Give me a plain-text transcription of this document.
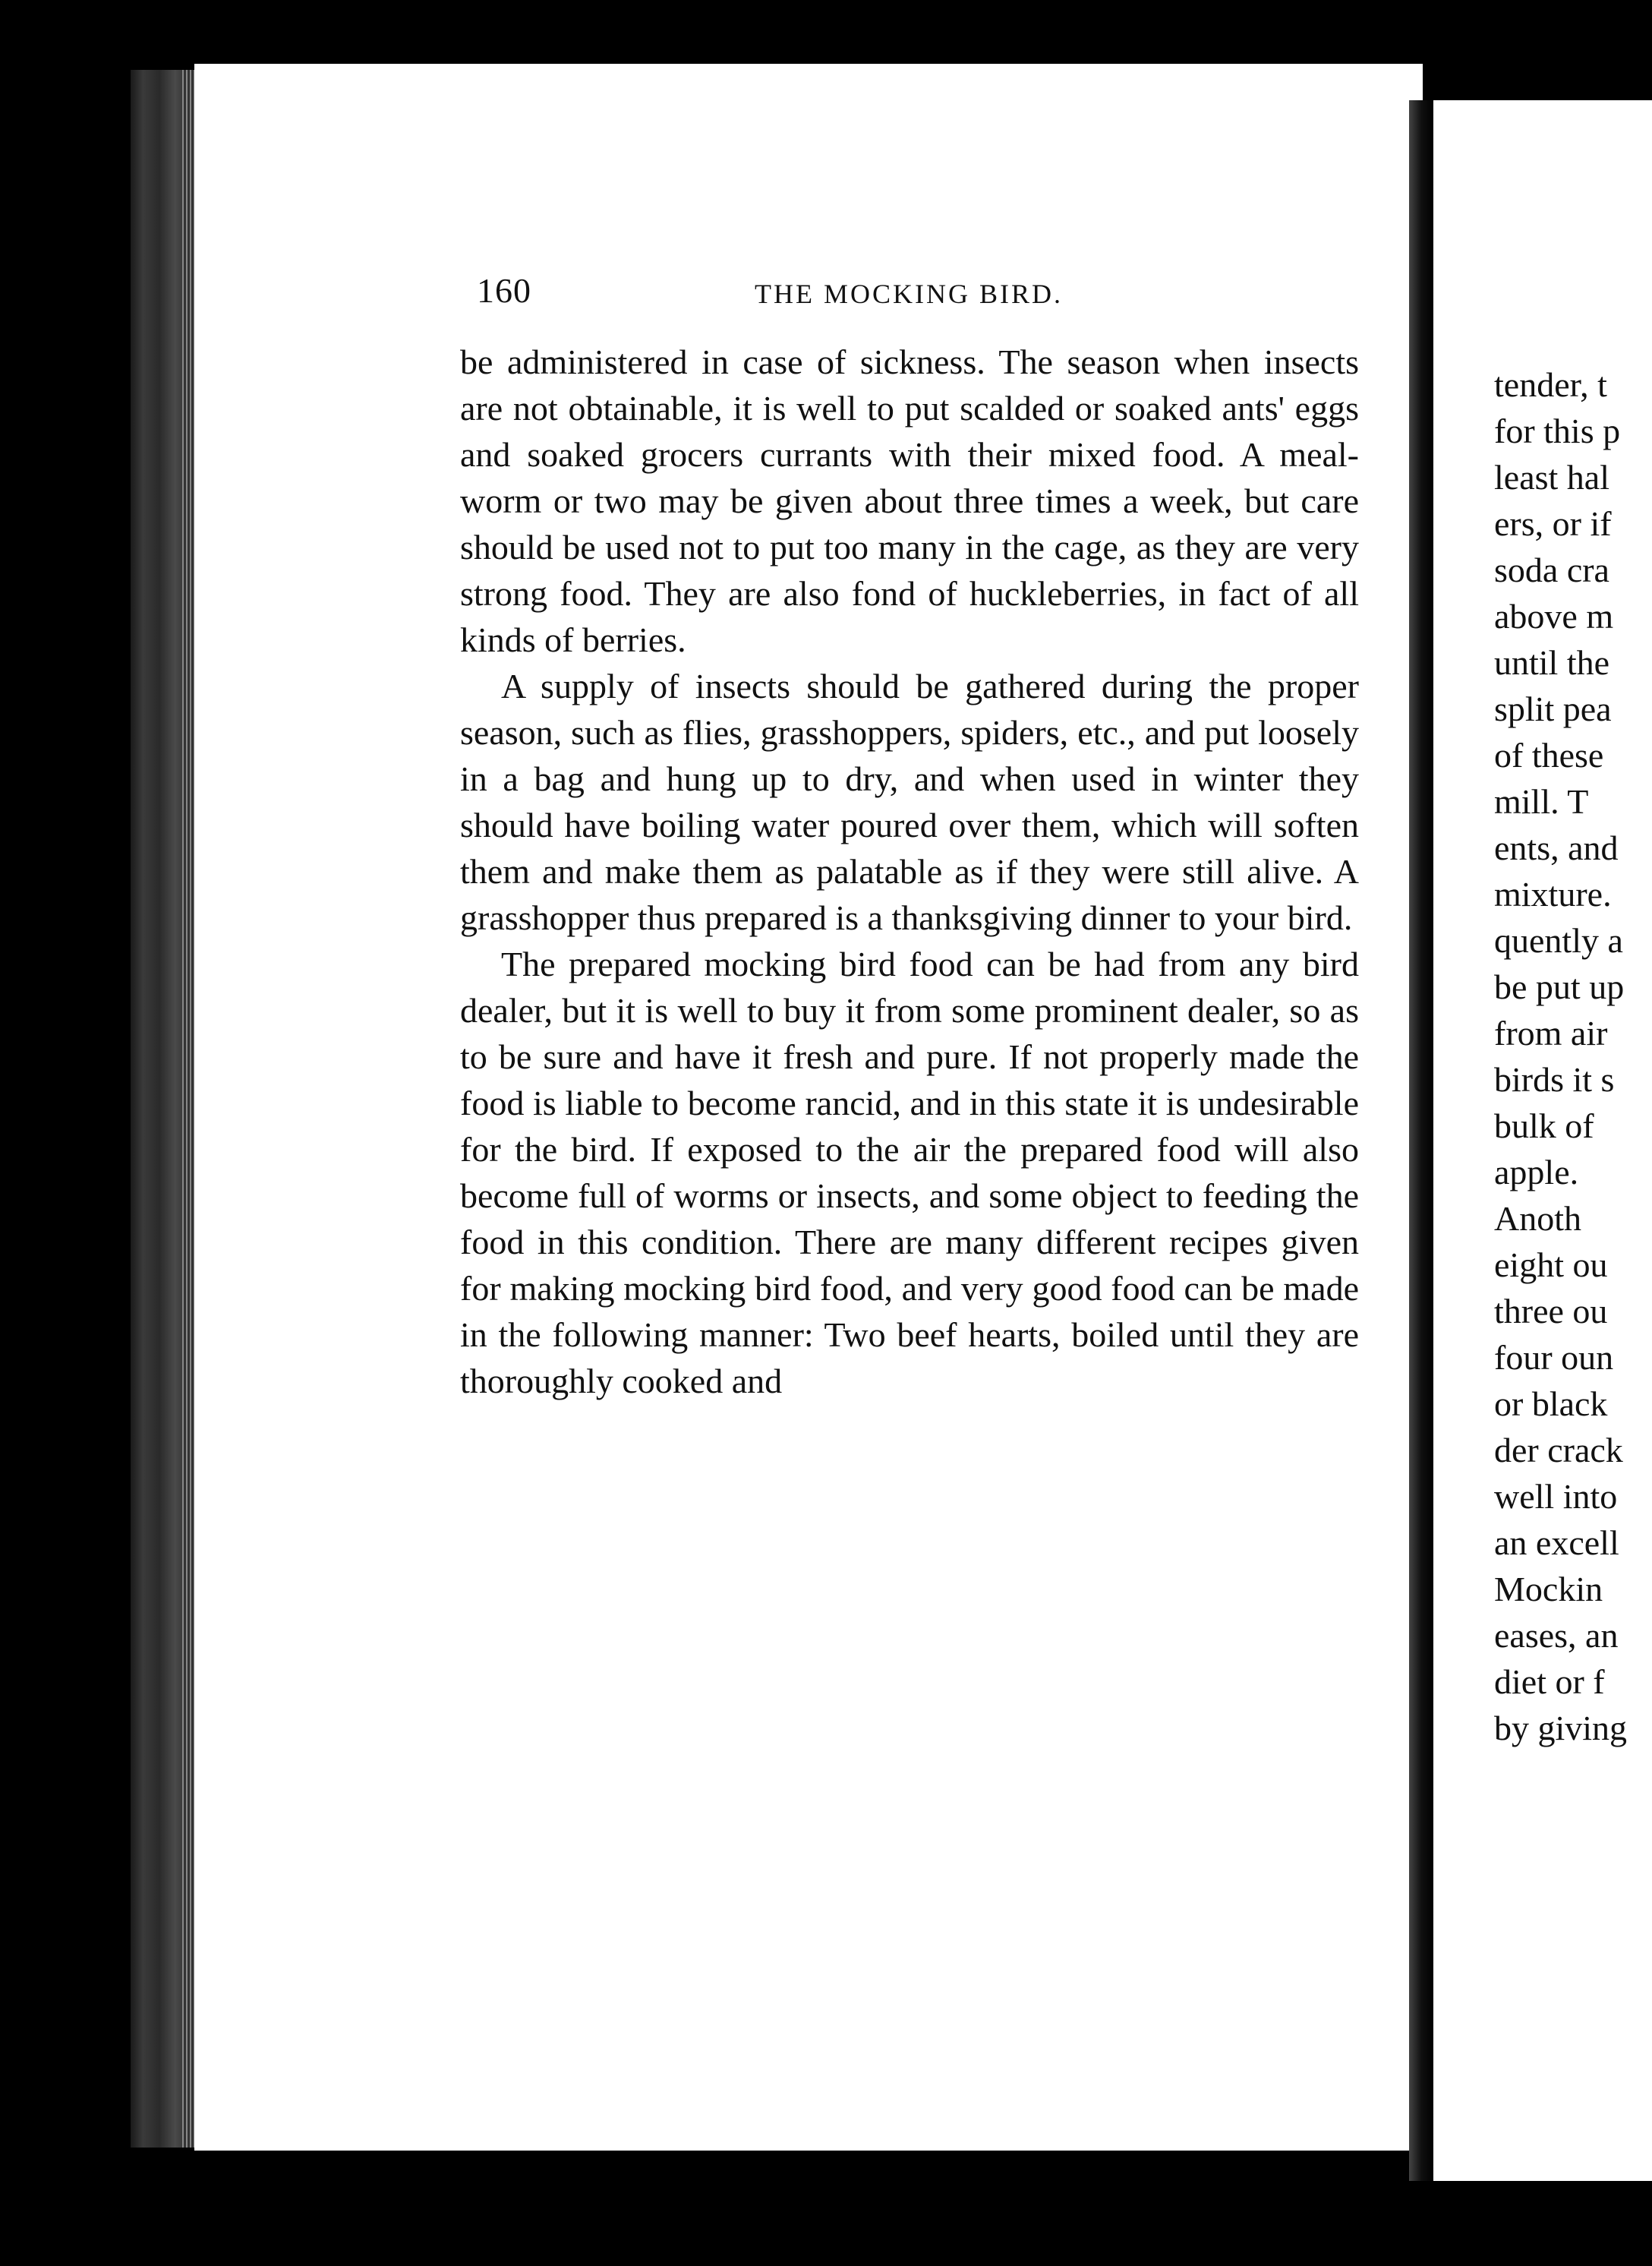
160	THE MOCKING BIRD.

be administered in case of sickness. The season when insects are not obtainable, it is well to put scalded or soaked ants' eggs and soaked grocers currants with their mixed food. A meal-worm or two may be given about three times a week, but care should be used not to put too many in the cage, as they are very strong food. They are also fond of huckleberries, in fact of all kinds of berries.

A supply of insects should be gathered during the proper season, such as flies, grasshoppers, spiders, etc., and put loosely in a bag and hung up to dry, and when used in winter they should have boiling water poured over them, which will soften them and make them as palatable as if they were still alive. A grasshopper thus prepared is a thanksgiving dinner to your bird.

The prepared mocking bird food can be had from any bird dealer, but it is well to buy it from some prominent dealer, so as to be sure and have it fresh and pure. If not properly made the food is liable to become rancid, and in this state it is undesirable for the bird. If exposed to the air the prepared food will also become full of worms or insects, and some object to feeding the food in this condition. There are many different recipes given for making mocking bird food, and very good food can be made in the following manner: Two beef hearts, boiled until they are thoroughly cooked and

tender, t
for this p
least hal
ers, or if
soda cra
above m
until the
split pea
of these
mill. T
ents, and
mixture.
quently a
be put up
from air
birds it s
bulk of
apple.
Anoth
eight ou
three ou
four oun
or black
der crack
well into
an excell
Mockin
eases, an
diet or f
by giving
